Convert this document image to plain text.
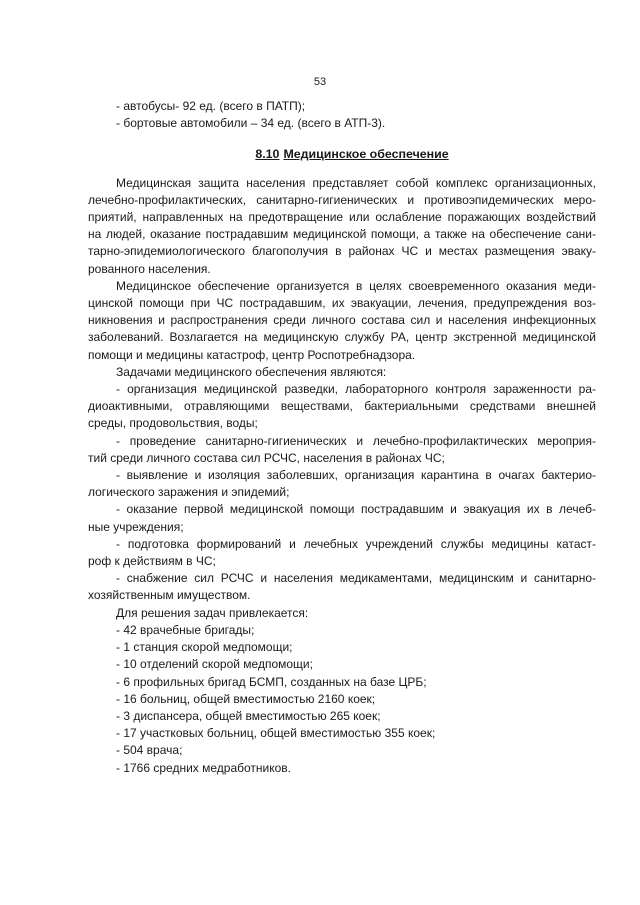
53
- автобусы- 92 ед. (всего в ПАТП);
- бортовые автомобили – 34 ед. (всего в АТП-3).
8.10 Медицинское обеспечение
Медицинская защита населения представляет собой комплекс организационных,
лечебно-профилактических, санитарно-гигиенических и противоэпидемических меро-
приятий, направленных на предотвращение или ослабление поражающих воздействий
на людей, оказание пострадавшим медицинской помощи, а также на обеспечение сани-
тарно-эпидемиологического благополучия в районах ЧС и местах размещения эваку-
рованного населения.
Медицинское обеспечение организуется в целях своевременного оказания меди-
цинской помощи при ЧС пострадавшим, их эвакуации, лечения, предупреждения воз-
никновения и распространения среди личного состава сил и населения инфекционных
заболеваний. Возлагается на медицинскую службу РА, центр экстренной медицинской
помощи и медицины катастроф, центр Роспотребнадзора.
Задачами медицинского обеспечения являются:
- организация медицинской разведки, лабораторного контроля зараженности ра-
диоактивными, отравляющими веществами, бактериальными средствами внешней
среды, продовольствия, воды;
- проведение санитарно-гигиенических и лечебно-профилактических мероприя-
тий среди личного состава сил РСЧС, населения в районах ЧС;
- выявление и изоляция заболевших, организация карантина в очагах бактерио-
логического заражения и эпидемий;
- оказание первой медицинской помощи пострадавшим и эвакуация их в лечеб-
ные учреждения;
- подготовка формирований и лечебных учреждений службы медицины катаст-
роф к действиям в ЧС;
- снабжение сил РСЧС и населения медикаментами, медицинским и санитарно-
хозяйственным имуществом.
Для решения задач привлекается:
- 42 врачебные бригады;
- 1 станция скорой медпомощи;
- 10 отделений скорой медпомощи;
- 6 профильных бригад БСМП, созданных на базе ЦРБ;
- 16 больниц, общей вместимостью 2160 коек;
- 3 диспансера, общей вместимостью 265 коек;
- 17 участковых больниц, общей вместимостью 355 коек;
- 504 врача;
- 1766 средних медработников.
